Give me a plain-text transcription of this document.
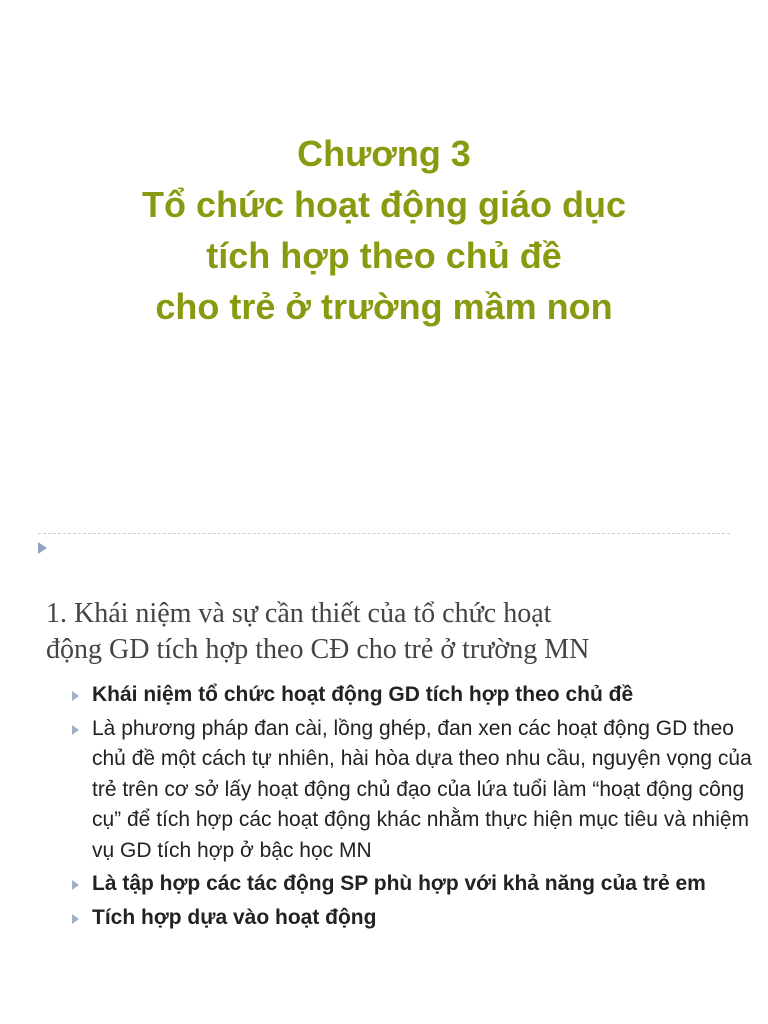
Chương 3
Tổ chức hoạt động giáo dục
tích hợp theo chủ đề
cho trẻ ở trường mầm non
1. Khái niệm và sự cần thiết của tổ chức hoạt
động GD tích hợp theo CĐ cho trẻ ở trường MN
Khái niệm tổ chức hoạt động GD tích hợp theo chủ đề
Là phương pháp đan cài, lồng ghép, đan xen các hoạt động GD theo chủ đề một cách tự nhiên, hài hòa dựa theo nhu cầu, nguyện vọng của trẻ trên cơ sở lấy hoạt động chủ đạo của lứa tuổi làm “hoạt động công cụ” để tích hợp các hoạt động khác nhằm thực hiện mục tiêu và nhiệm vụ GD tích hợp ở bậc học MN
Là tập hợp các tác động SP phù hợp với khả năng của trẻ em
Tích hợp dựa vào hoạt động
